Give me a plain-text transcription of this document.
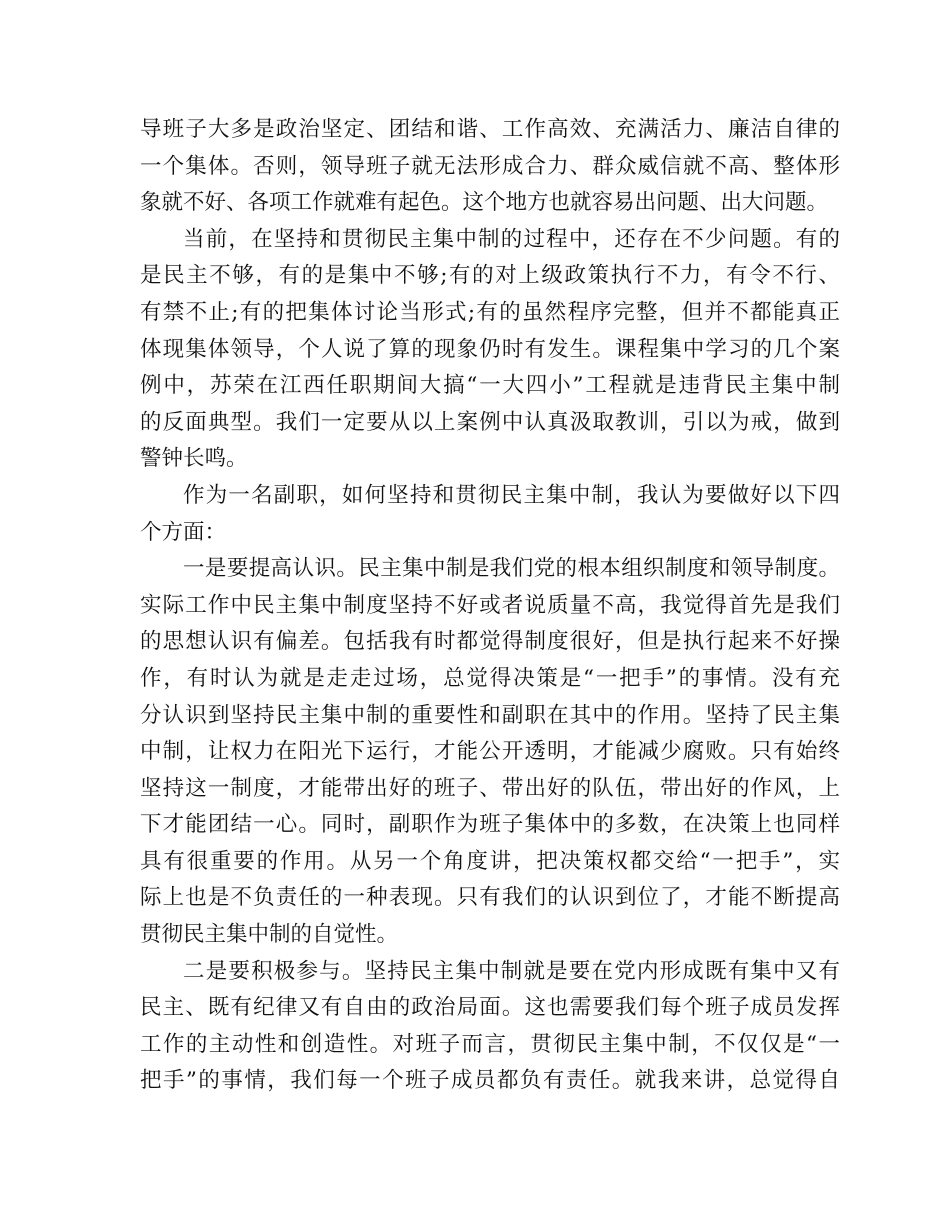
导班子大多是政治坚定、团结和谐、工作高效、充满活力、廉洁自律的
一个集体。否则，领导班子就无法形成合力、群众威信就不高、整体形
象就不好、各项工作就难有起色。这个地方也就容易出问题、出大问题。
当前，在坚持和贯彻民主集中制的过程中，还存在不少问题。有的
是民主不够，有的是集中不够;有的对上级政策执行不力，有令不行、
有禁不止;有的把集体讨论当形式;有的虽然程序完整，但并不都能真正
体现集体领导，个人说了算的现象仍时有发生。课程集中学习的几个案
例中，苏荣在江西任职期间大搞“一大四小”工程就是违背民主集中制
的反面典型。我们一定要从以上案例中认真汲取教训，引以为戒，做到
警钟长鸣。
作为一名副职，如何坚持和贯彻民主集中制，我认为要做好以下四
个方面：
一是要提高认识。民主集中制是我们党的根本组织制度和领导制度。
实际工作中民主集中制度坚持不好或者说质量不高，我觉得首先是我们
的思想认识有偏差。包括我有时都觉得制度很好，但是执行起来不好操
作，有时认为就是走走过场，总觉得决策是“一把手”的事情。没有充
分认识到坚持民主集中制的重要性和副职在其中的作用。坚持了民主集
中制，让权力在阳光下运行，才能公开透明，才能减少腐败。只有始终
坚持这一制度，才能带出好的班子、带出好的队伍，带出好的作风，上
下才能团结一心。同时，副职作为班子集体中的多数，在决策上也同样
具有很重要的作用。从另一个角度讲，把决策权都交给“一把手”，实
际上也是不负责任的一种表现。只有我们的认识到位了，才能不断提高
贯彻民主集中制的自觉性。
二是要积极参与。坚持民主集中制就是要在党内形成既有集中又有
民主、既有纪律又有自由的政治局面。这也需要我们每个班子成员发挥
工作的主动性和创造性。对班子而言，贯彻民主集中制，不仅仅是“一
把手”的事情，我们每一个班子成员都负有责任。就我来讲，总觉得自
